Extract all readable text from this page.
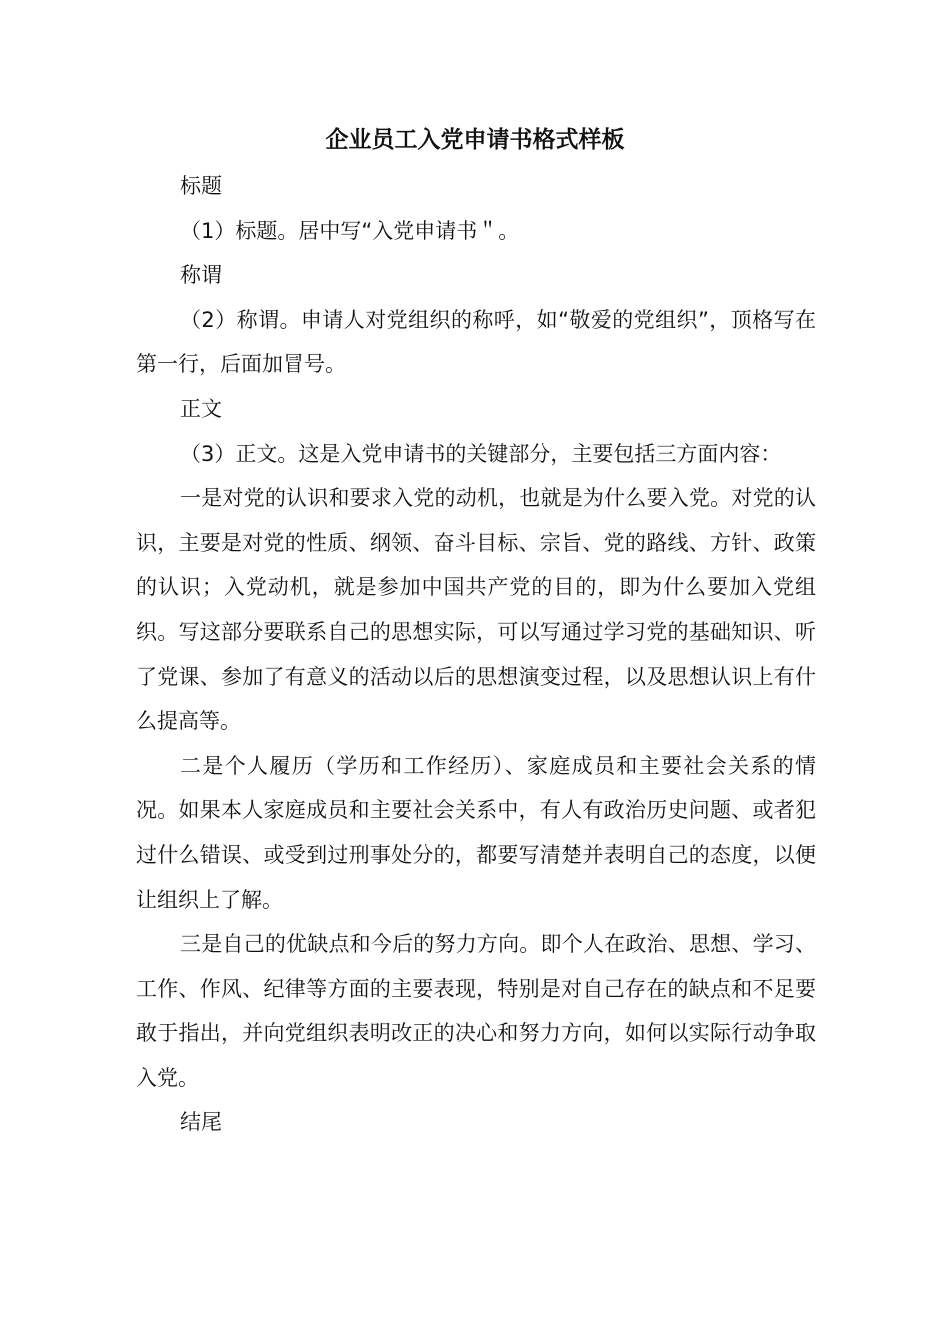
企业员工入党申请书格式样板

标题

（1）标题。居中写“入党申请书＂。

称谓

（2）称谓。申请人对党组织的称呼，如“敬爱的党组织”，顶格写在第一行，后面加冒号。

正文

（3）正文。这是入党申请书的关键部分，主要包括三方面内容：

一是对党的认识和要求入党的动机，也就是为什么要入党。对党的认识，主要是对党的性质、纲领、奋斗目标、宗旨、党的路线、方针、政策的认识；入党动机，就是参加中国共产党的目的，即为什么要加入党组织。写这部分要联系自己的思想实际，可以写通过学习党的基础知识、听了党课、参加了有意义的活动以后的思想演变过程，以及思想认识上有什么提高等。

二是个人履历（学历和工作经历）、家庭成员和主要社会关系的情况。如果本人家庭成员和主要社会关系中，有人有政治历史问题、或者犯过什么错误、或受到过刑事处分的，都要写清楚并表明自己的态度，以便让组织上了解。

三是自己的优缺点和今后的努力方向。即个人在政治、思想、学习、工作、作风、纪律等方面的主要表现，特别是对自己存在的缺点和不足要敢于指出，并向党组织表明改正的决心和努力方向，如何以实际行动争取入党。

结尾
